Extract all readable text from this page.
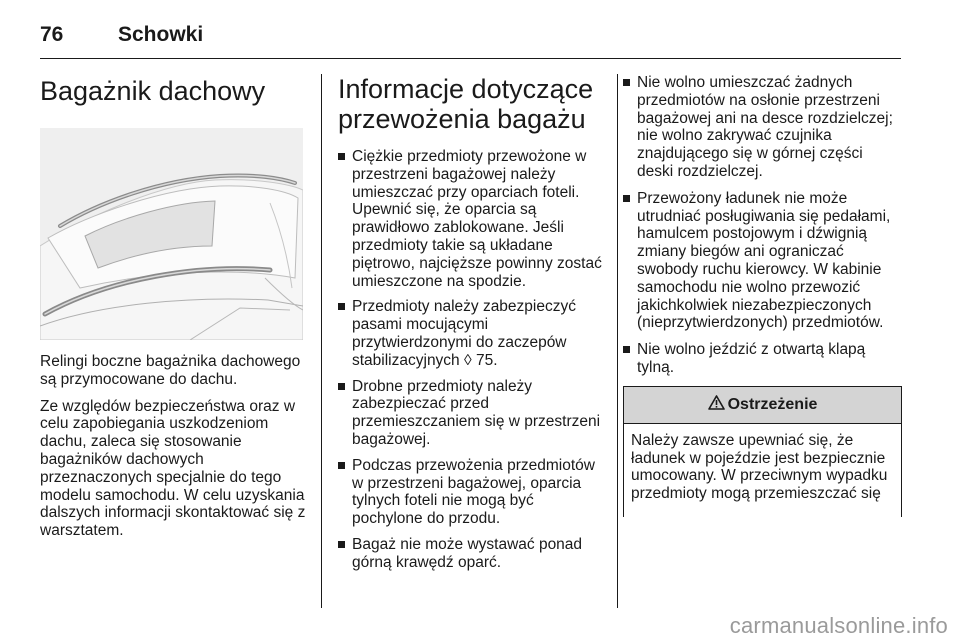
76	Schowki
Bagażnik dachowy

Relingi boczne bagażnika dachowego są przymocowane do dachu.

Ze względów bezpieczeństwa oraz w celu zapobiegania uszkodzeniom dachu, zaleca się stosowanie bagażników dachowych przeznaczonych specjalnie do tego modelu samochodu. W celu uzyskania dalszych informacji skontaktować się z warsztatem.

Informacje dotyczące przewożenia bagażu
Ciężkie przedmioty przewożone w przestrzeni bagażowej należy umieszczać przy oparciach foteli. Upewnić się, że oparcia są prawidłowo zablokowane. Jeśli przedmioty takie są układane piętrowo, najcięższe powinny zostać umieszczone na spodzie.
Przedmioty należy zabezpieczyć pasami mocującymi przytwierdzonymi do zaczepów stabilizacyjnych ◊ 75.
Drobne przedmioty należy zabezpieczać przed przemieszczaniem się w przestrzeni bagażowej.
Podczas przewożenia przedmiotów w przestrzeni bagażowej, oparcia tylnych foteli nie mogą być pochylone do przodu.
Bagaż nie może wystawać ponad górną krawędź oparć.
Nie wolno umieszczać żadnych przedmiotów na osłonie przestrzeni bagażowej ani na desce rozdzielczej; nie wolno zakrywać czujnika znajdującego się w górnej części deski rozdzielczej.
Przewożony ładunek nie może utrudniać posługiwania się pedałami, hamulcem postojowym i dźwignią zmiany biegów ani ograniczać swobody ruchu kierowcy. W kabinie samochodu nie wolno przewozić jakichkolwiek niezabezpieczonych (nieprzytwierdzonych) przedmiotów.
Nie wolno jeździć z otwartą klapą tylną.
Ostrzeżenie
Należy zawsze upewniać się, że ładunek w pojeździe jest bezpiecznie umocowany. W przeciwnym wypadku przedmioty mogą przemieszczać się
carmanualsonline.info
